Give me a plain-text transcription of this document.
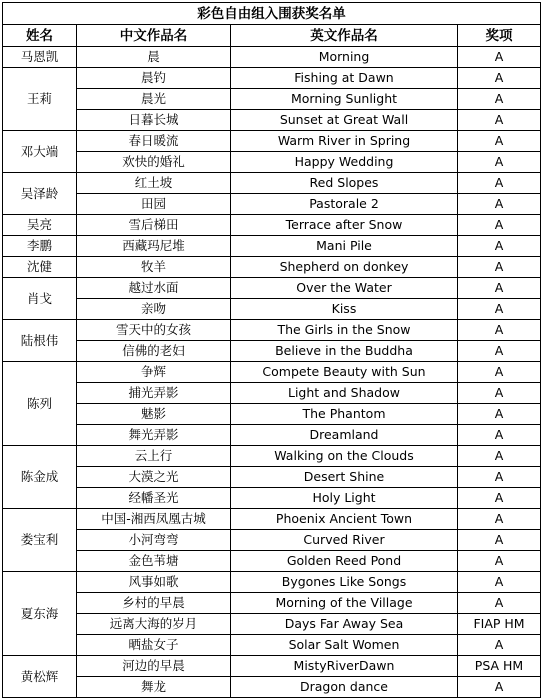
彩色自由组入围获奖名单			
姓名	中文作品名	英文作品名	奖项
马恩凯	晨	Morning	A
王莉	晨钓	Fishing at Dawn	A
	晨光	Morning Sunlight	A
	日暮长城	Sunset at Great Wall	A
邓大端	春日暖流	Warm River in Spring	A
	欢快的婚礼	Happy Wedding	A
吴泽龄	红土坡	Red Slopes	A
	田园	Pastorale 2	A
吴亮	雪后梯田	Terrace after Snow	A
李鹏	西藏玛尼堆	Mani Pile	A
沈健	牧羊	Shepherd on donkey	A
肖戈	越过水面	Over the Water	A
	亲吻	Kiss	A
陆根伟	雪天中的女孩	The Girls in the Snow	A
	信佛的老妇	Believe in the Buddha	A
陈列	争辉	Compete Beauty with Sun	A
	捕光弄影	Light and Shadow	A
	魅影	The Phantom	A
	舞光弄影	Dreamland	A
陈金成	云上行	Walking on the Clouds	A
	大漠之光	Desert Shine	A
	经幡圣光	Holy Light	A
娄宝利	中国-湘西凤凰古城	Phoenix Ancient Town	A
	小河弯弯	Curved River	A
	金色苇塘	Golden Reed Pond	A
夏东海	风事如歌	Bygones Like Songs	A
	乡村的早晨	Morning of the Village	A
	远离大海的岁月	Days Far Away Sea	FIAP HM
	晒盐女子	Solar Salt Women	A
黄松辉	河边的早晨	MistyRiverDawn	PSA HM
	舞龙	Dragon dance	A
